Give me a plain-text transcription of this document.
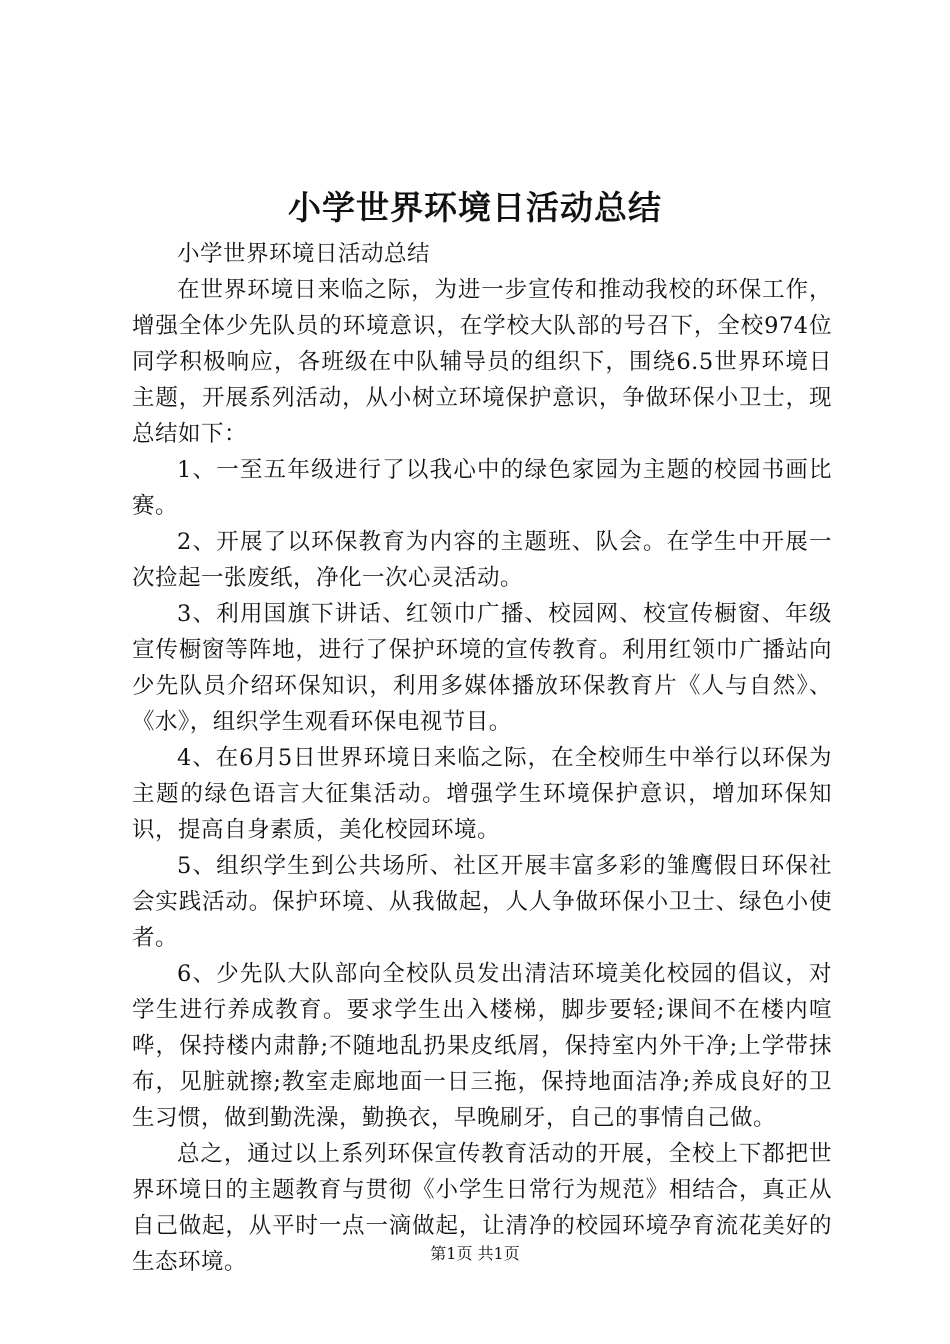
小学世界环境日活动总结

小学世界环境日活动总结

在世界环境日来临之际，为进一步宣传和推动我校的环保工作，增强全体少先队员的环境意识，在学校大队部的号召下，全校974位同学积极响应，各班级在中队辅导员的组织下，围绕6.5世界环境日主题，开展系列活动，从小树立环境保护意识，争做环保小卫士，现总结如下：

1、一至五年级进行了以我心中的绿色家园为主题的校园书画比赛。

2、开展了以环保教育为内容的主题班、队会。在学生中开展一次捡起一张废纸，净化一次心灵活动。

3、利用国旗下讲话、红领巾广播、校园网、校宣传橱窗、年级宣传橱窗等阵地，进行了保护环境的宣传教育。利用红领巾广播站向少先队员介绍环保知识，利用多媒体播放环保教育片《人与自然》、《水》，组织学生观看环保电视节目。

4、在6月5日世界环境日来临之际，在全校师生中举行以环保为主题的绿色语言大征集活动。增强学生环境保护意识，增加环保知识，提高自身素质，美化校园环境。

5、组织学生到公共场所、社区开展丰富多彩的雏鹰假日环保社会实践活动。保护环境、从我做起，人人争做环保小卫士、绿色小使者。

6、少先队大队部向全校队员发出清洁环境美化校园的倡议，对学生进行养成教育。要求学生出入楼梯，脚步要轻;课间不在楼内喧哗，保持楼内肃静;不随地乱扔果皮纸屑，保持室内外干净;上学带抹布，见脏就擦;教室走廊地面一日三拖，保持地面洁净;养成良好的卫生习惯，做到勤洗澡，勤换衣，早晚刷牙，自己的事情自己做。

总之，通过以上系列环保宣传教育活动的开展，全校上下都把世界环境日的主题教育与贯彻《小学生日常行为规范》相结合，真正从自己做起，从平时一点一滴做起，让清净的校园环境孕育流花美好的生态环境。	第1页 共1页
